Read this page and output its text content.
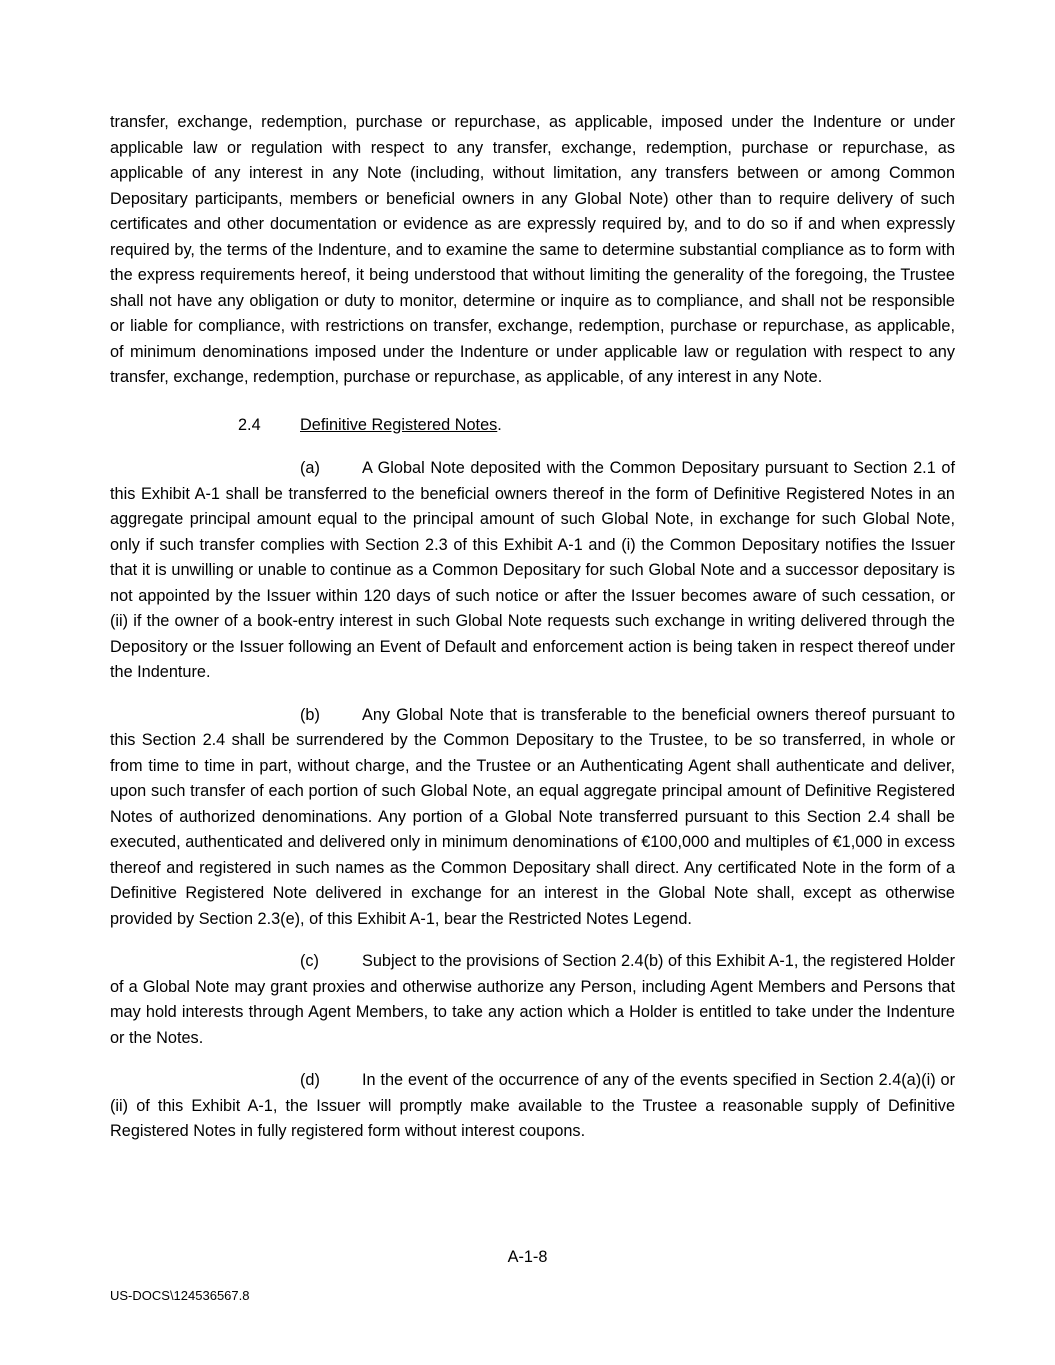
transfer, exchange, redemption, purchase or repurchase, as applicable, imposed under the Indenture or under applicable law or regulation with respect to any transfer, exchange, redemption, purchase or repurchase, as applicable of any interest in any Note (including, without limitation, any transfers between or among Common Depositary participants, members or beneficial owners in any Global Note) other than to require delivery of such certificates and other documentation or evidence as are expressly required by, and to do so if and when expressly required by, the terms of the Indenture, and to examine the same to determine substantial compliance as to form with the express requirements hereof, it being understood that without limiting the generality of the foregoing, the Trustee shall not have any obligation or duty to monitor, determine or inquire as to compliance, and shall not be responsible or liable for compliance, with restrictions on transfer, exchange, redemption, purchase or repurchase, as applicable, of minimum denominations imposed under the Indenture or under applicable law or regulation with respect to any transfer, exchange, redemption, purchase or repurchase, as applicable, of any interest in any Note.

2.4 Definitive Registered Notes.

(a)	A Global Note deposited with the Common Depositary pursuant to Section 2.1 of this Exhibit A-1 shall be transferred to the beneficial owners thereof in the form of Definitive Registered Notes in an aggregate principal amount equal to the principal amount of such Global Note, in exchange for such Global Note, only if such transfer complies with Section 2.3 of this Exhibit A-1 and (i) the Common Depositary notifies the Issuer that it is unwilling or unable to continue as a Common Depositary for such Global Note and a successor depositary is not appointed by the Issuer within 120 days of such notice or after the Issuer becomes aware of such cessation, or (ii) if the owner of a book-entry interest in such Global Note requests such exchange in writing delivered through the Depository or the Issuer following an Event of Default and enforcement action is being taken in respect thereof under the Indenture.

(b)	Any Global Note that is transferable to the beneficial owners thereof pursuant to this Section 2.4 shall be surrendered by the Common Depositary to the Trustee, to be so transferred, in whole or from time to time in part, without charge, and the Trustee or an Authenticating Agent shall authenticate and deliver, upon such transfer of each portion of such Global Note, an equal aggregate principal amount of Definitive Registered Notes of authorized denominations. Any portion of a Global Note transferred pursuant to this Section 2.4 shall be executed, authenticated and delivered only in minimum denominations of €100,000 and multiples of €1,000 in excess thereof and registered in such names as the Common Depositary shall direct. Any certificated Note in the form of a Definitive Registered Note delivered in exchange for an interest in the Global Note shall, except as otherwise provided by Section 2.3(e), of this Exhibit A-1, bear the Restricted Notes Legend.

(c)	Subject to the provisions of Section 2.4(b) of this Exhibit A-1, the registered Holder of a Global Note may grant proxies and otherwise authorize any Person, including Agent Members and Persons that may hold interests through Agent Members, to take any action which a Holder is entitled to take under the Indenture or the Notes.

(d)	In the event of the occurrence of any of the events specified in Section 2.4(a)(i) or (ii) of this Exhibit A-1, the Issuer will promptly make available to the Trustee a reasonable supply of Definitive Registered Notes in fully registered form without interest coupons.

A-1-8
US-DOCS\124536567.8
